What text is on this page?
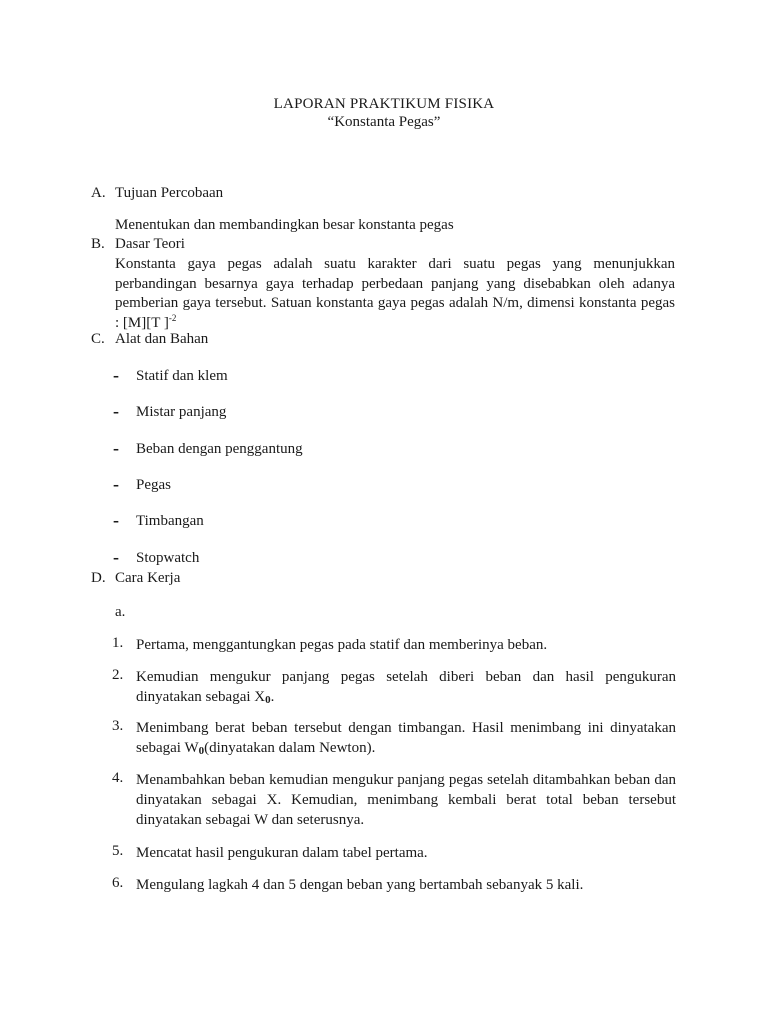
LAPORAN PRAKTIKUM FISIKA
“Konstanta Pegas”
A. Tujuan Percobaan
Menentukan dan membandingkan besar konstanta pegas
B. Dasar Teori
Konstanta gaya pegas adalah suatu karakter dari suatu pegas yang menunjukkan perbandingan besarnya gaya terhadap perbedaan panjang yang disebabkan oleh adanya pemberian gaya tersebut. Satuan konstanta gaya pegas adalah N/m, dimensi konstanta pegas : [M][T ]$^{-2}$
C. Alat dan Bahan
- Statif dan klem
- Mistar panjang
- Beban dengan penggantung
- Pegas
- Timbangan
- Stopwatch
D. Cara Kerja
a.
1. Pertama, menggantungkan pegas pada statif dan memberinya beban.
2. Kemudian mengukur panjang pegas setelah diberi beban dan hasil pengukuran dinyatakan sebagai $X_0$.
3. Menimbang berat beban tersebut dengan timbangan. Hasil menimbang ini dinyatakan sebagai $W_0(dinyatakan$ dalam Newton).
4. Menambahkan beban kemudian mengukur panjang pegas setelah ditambahkan beban dan dinyatakan sebagai X. Kemudian, menimbang kembali berat total beban tersebut dinyatakan sebagai W dan seterusnya.
5. Mencatat hasil pengukuran dalam tabel pertama.
6. Mengulang lagkah 4 dan 5 dengan beban yang bertambah sebanyak 5 kali.
